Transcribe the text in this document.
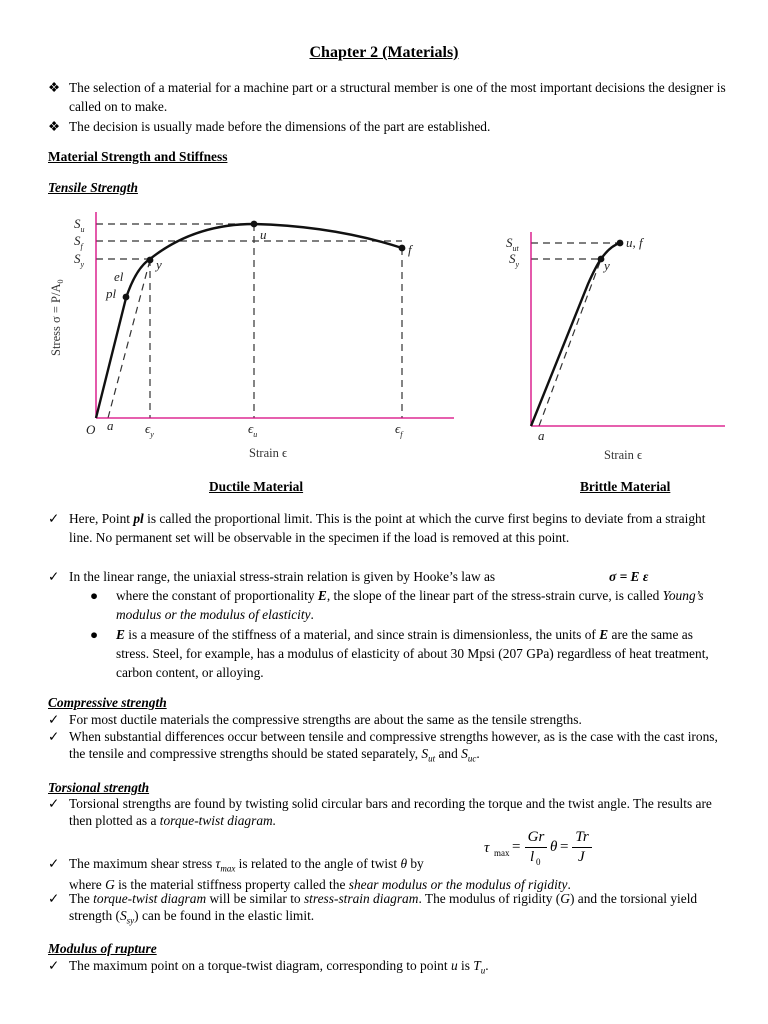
Chapter 2 (Materials)
❖ The selection of a material for a machine part or a structural member is one of the most important decisions the designer is called on to make.
❖ The decision is usually made before the dimensions of the part are established.
Material Strength and Stiffness
Tensile Strength
$S_u$
$S_f$
$S_y$
el
pl
y
u
f
O a $\epsilon_y$	$\epsilon_u$	$\epsilon_f$
Strain ϵ
Stress $\sigma = P/A_0$
$S_{ut}$
$S_y$
u, f
y
a
Strain ϵ
Ductile Material	Brittle Material
✓ Here, Point pl is called the proportional limit. This is the point at which the curve first begins to deviate from a straight line. No permanent set will be observable in the specimen if the load is removed at this point.
✓ In the linear range, the uniaxial stress-strain relation is given by Hooke’s law as	σ = E ε
●	where the constant of proportionality E, the slope of the linear part of the stress-strain curve, is called Young’s modulus or the modulus of elasticity.
●	E is a measure of the stiffness of a material, and since strain is dimensionless, the units of E are the same as stress. Steel, for example, has a modulus of elasticity of about 30 Mpsi (207 GPa) regardless of heat treatment, carbon content, or alloying.
Compressive strength
✓ For most ductile materials the compressive strengths are about the same as the tensile strengths.
✓ When substantial differences occur between tensile and compressive strengths however, as is the case with the cast irons, the tensile and compressive strengths should be stated separately, $S_{ut}$ and $S_{uc}$.
Torsional strength
✓ Torsional strengths are found by twisting solid circular bars and recording the torque and the twist angle. The results are then plotted as a torque-twist diagram.
τ max =
Gr
l 0
θ =
Tr
J
✓ The maximum shear stress $\tau_{max}$ is related to the angle of twist θ by
where G is the material stiffness property called the shear modulus or the modulus of rigidity.
✓ The torque-twist diagram will be similar to stress-strain diagram. The modulus of rigidity (G) and the torsional yield strength $(S_{sy})$ can be found in the elastic limit.
Modulus of rupture
✓ The maximum point on a torque-twist diagram, corresponding to point u is $T_u$.
